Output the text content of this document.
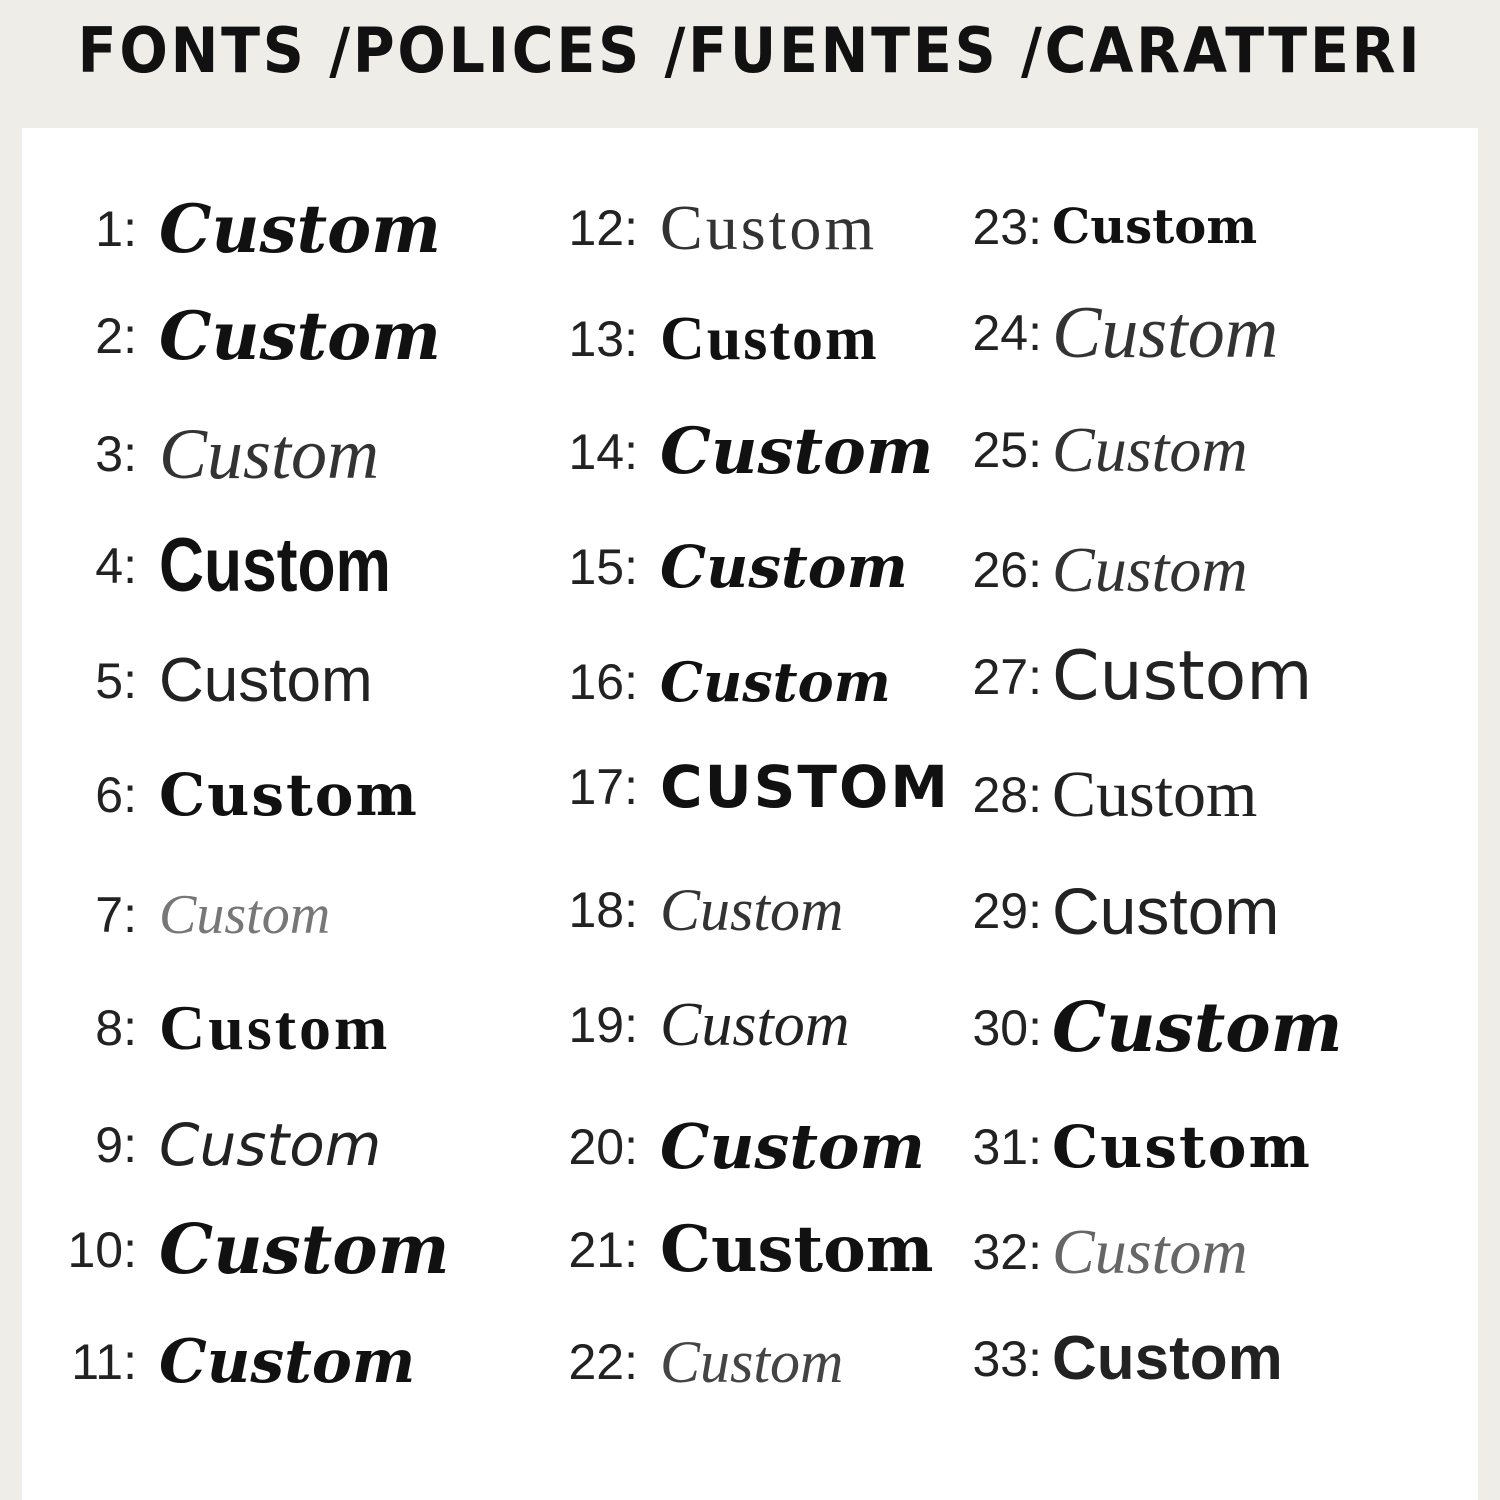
FONTS /POLICES /FUENTES /CARATTERI
1: Custom
2: Custom
3: Custom
4: Custom
5: Custom
6: Custom
7: Custom
8: Custom
9: Custom
10: Custom
11: Custom
12: Custom
13: Custom
14: Custom
15: Custom
16: Custom
17: CUSTOM
18: Custom
19: Custom
20: Custom
21: Custom
22: Custom
23: Custom
24: Custom
25: Custom
26: Custom
27: Custom
28: Custom
29: Custom
30: Custom
31: Custom
32: Custom
33: Custom
